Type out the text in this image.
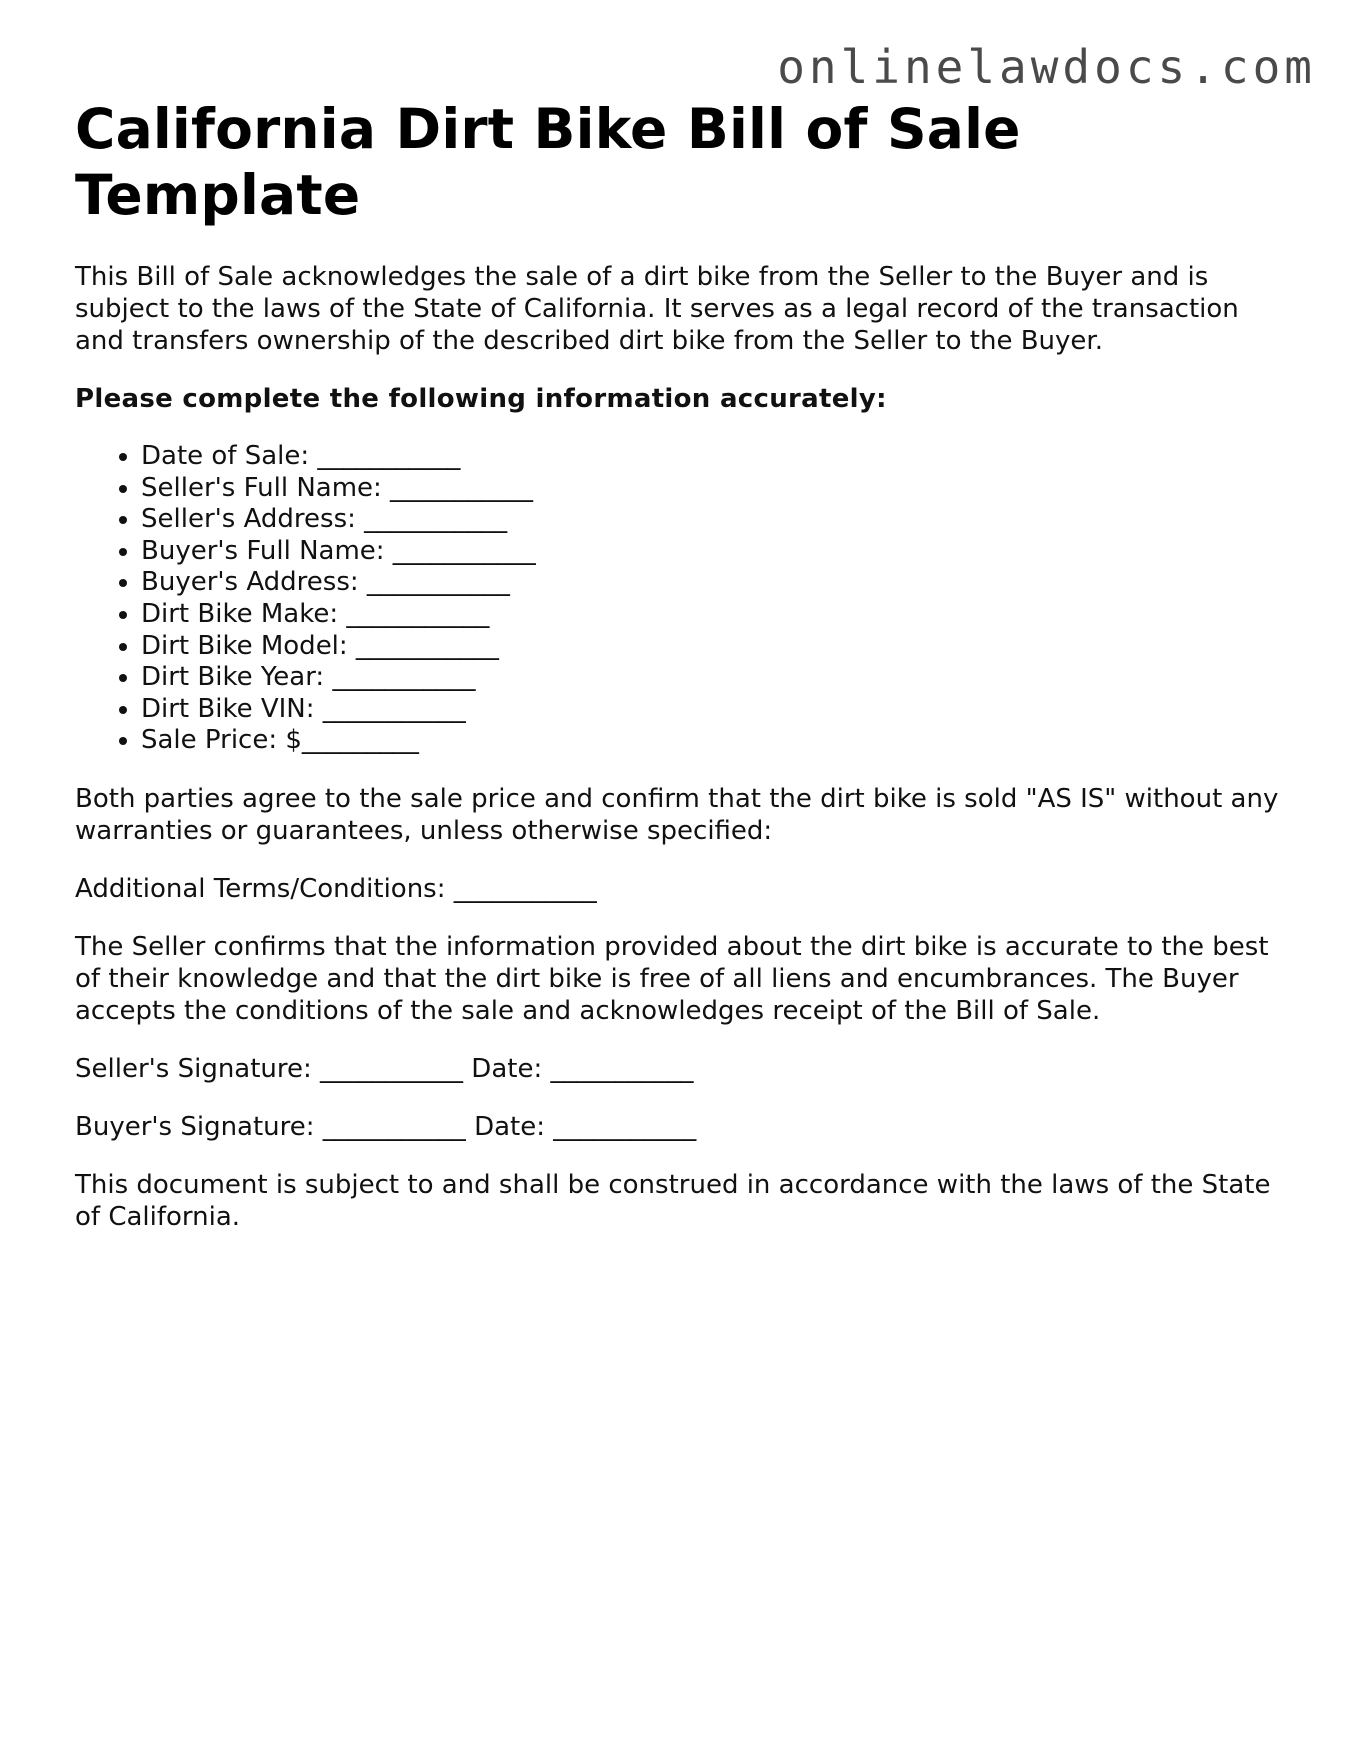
onlinelawdocs.com
California Dirt Bike Bill of Sale Template

This Bill of Sale acknowledges the sale of a dirt bike from the Seller to the Buyer and is subject to the laws of the State of California. It serves as a legal record of the transaction and transfers ownership of the described dirt bike from the Seller to the Buyer.

Please complete the following information accurately:

• Date of Sale: ___________
• Seller's Full Name: ___________
• Seller's Address: ___________
• Buyer's Full Name: ___________
• Buyer's Address: ___________
• Dirt Bike Make: ___________
• Dirt Bike Model: ___________
• Dirt Bike Year: ___________
• Dirt Bike VIN: ___________
• Sale Price: $_________

Both parties agree to the sale price and confirm that the dirt bike is sold "AS IS" without any warranties or guarantees, unless otherwise specified:

Additional Terms/Conditions: ___________

The Seller confirms that the information provided about the dirt bike is accurate to the best of their knowledge and that the dirt bike is free of all liens and encumbrances. The Buyer accepts the conditions of the sale and acknowledges receipt of the Bill of Sale.

Seller's Signature: ___________ Date: ___________

Buyer's Signature: ___________ Date: ___________

This document is subject to and shall be construed in accordance with the laws of the State of California.
